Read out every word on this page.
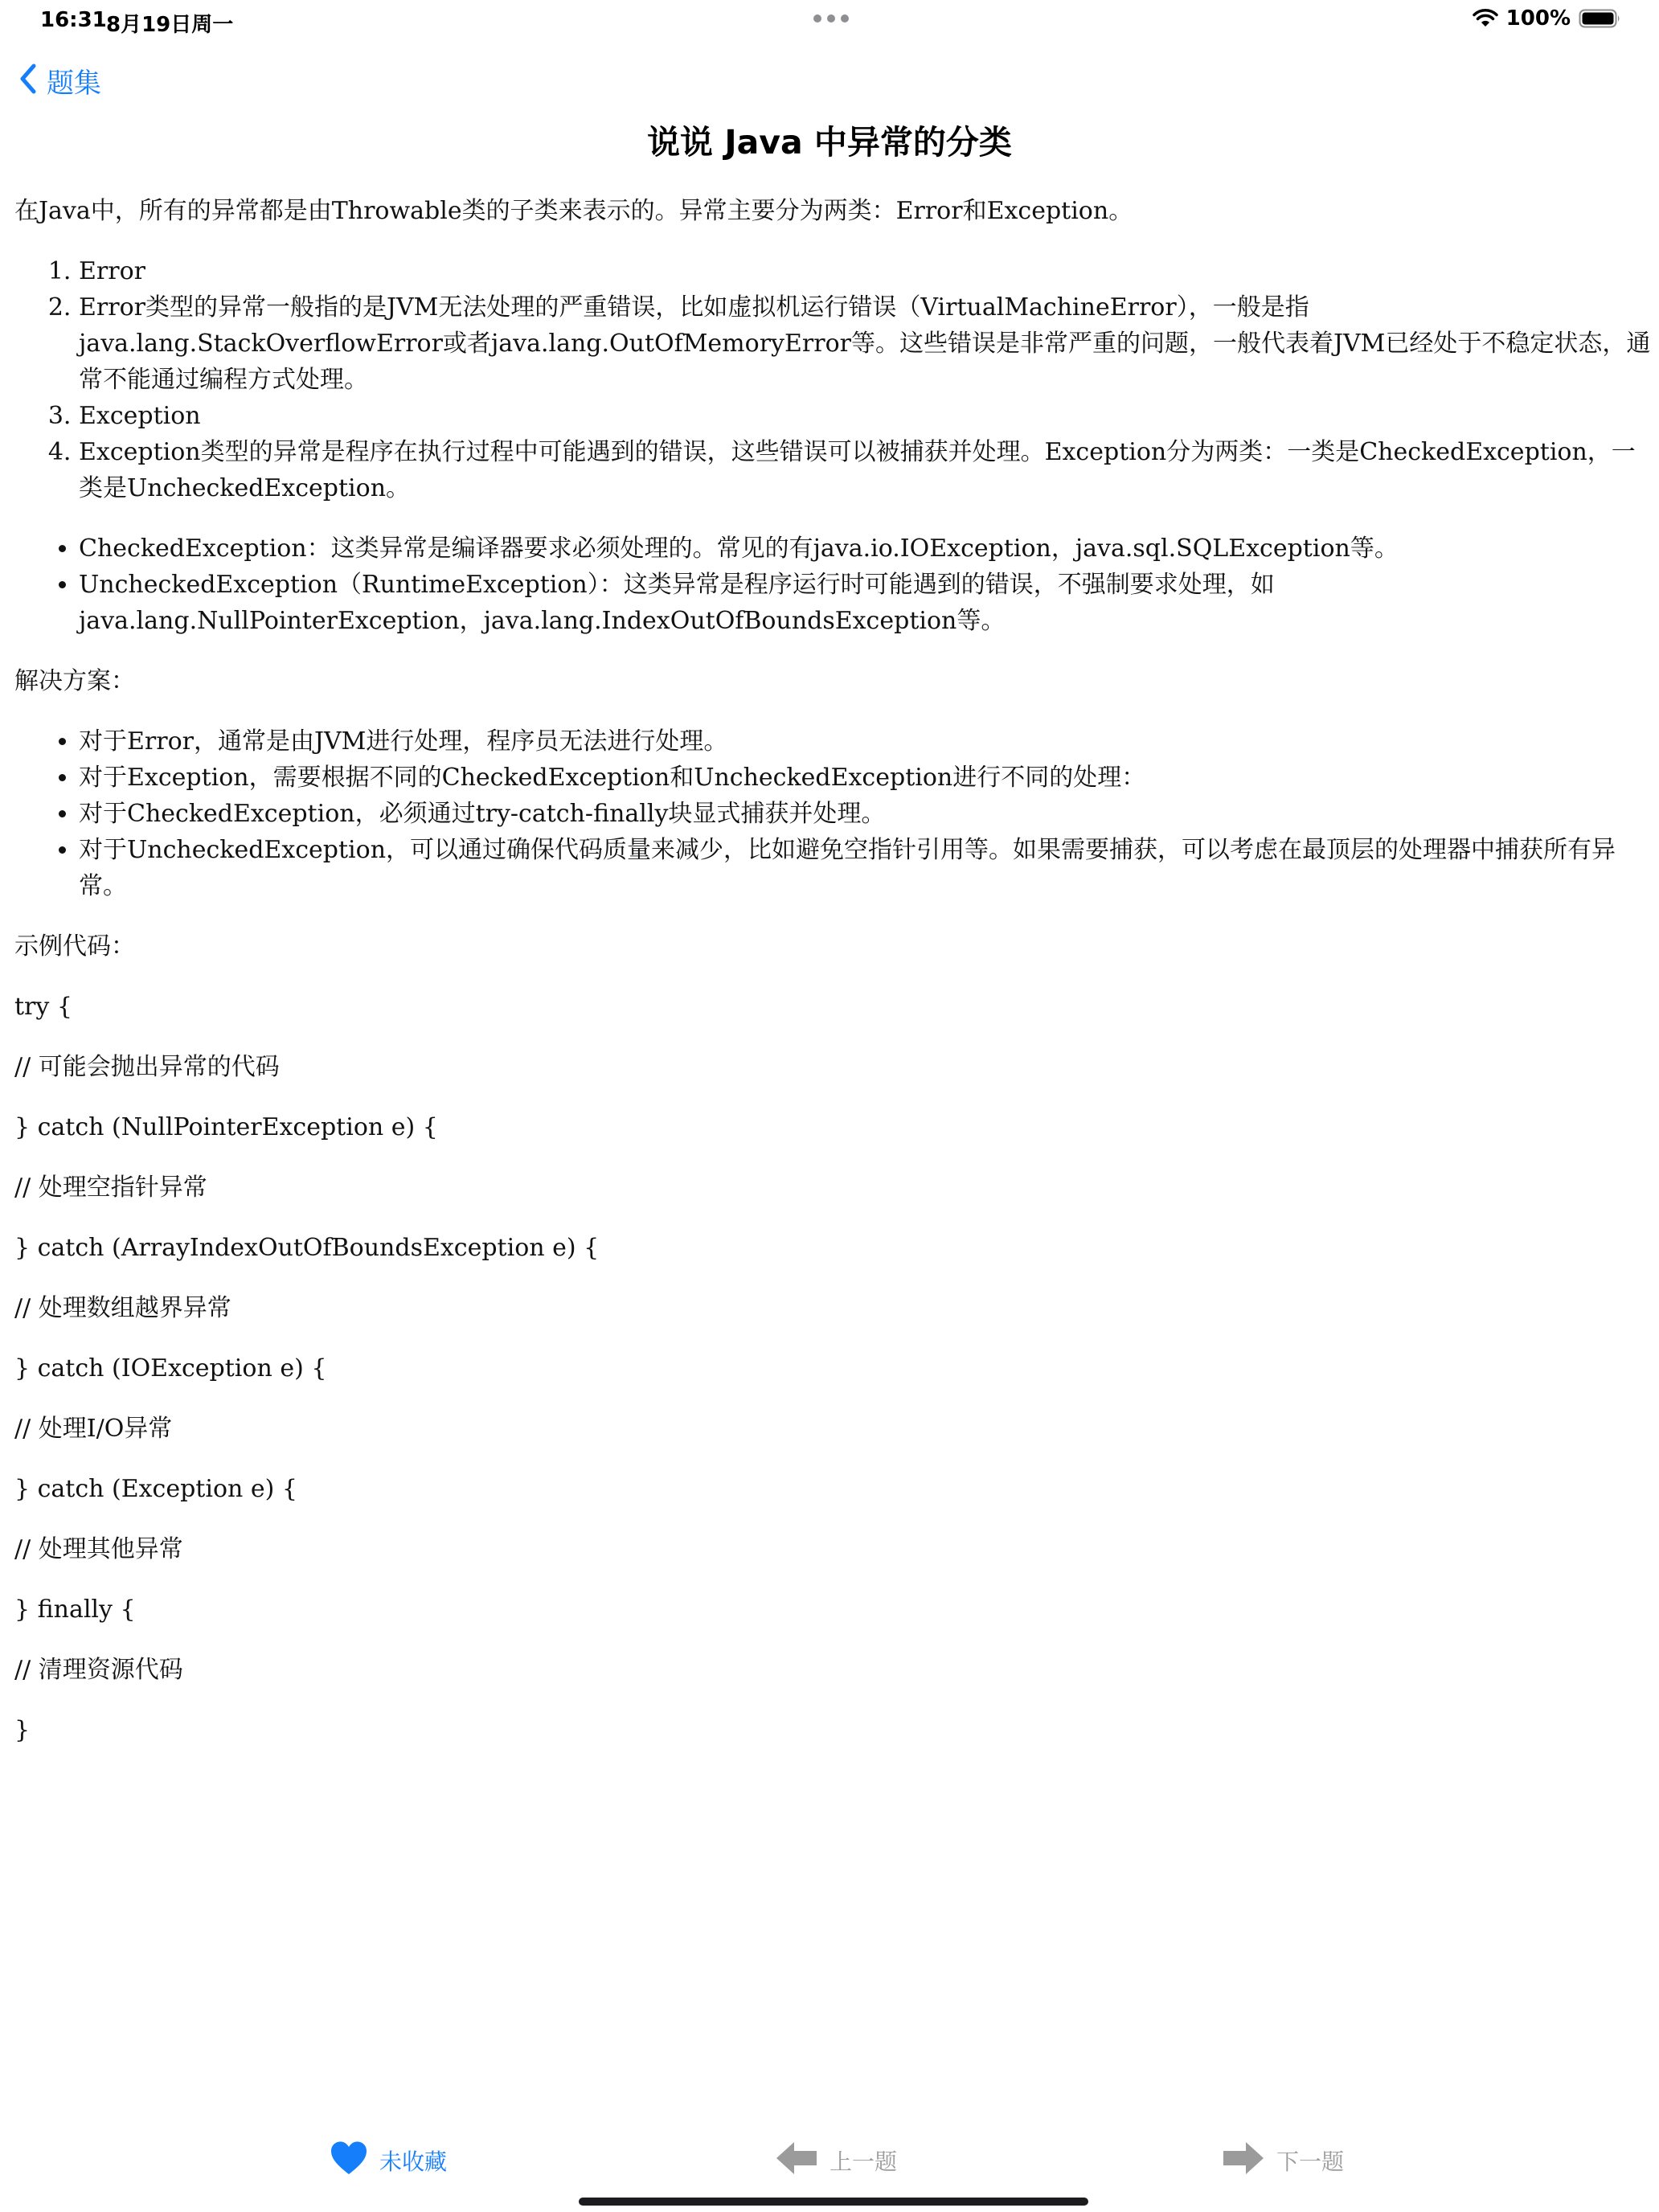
16:31 8月19日周一	100%
题集
说说 Java 中异常的分类

在Java中，所有的异常都是由Throwable类的子类来表示的。异常主要分为两类：Error和Exception。

1. Error
2. Error类型的异常一般指的是JVM无法处理的严重错误，比如虚拟机运行错误（VirtualMachineError），一般是指java.lang.StackOverflowError或者java.lang.OutOfMemoryError等。这些错误是非常严重的问题，一般代表着JVM已经处于不稳定状态，通常不能通过编程方式处理。
3. Exception
4. Exception类型的异常是程序在执行过程中可能遇到的错误，这些错误可以被捕获并处理。Exception分为两类：一类是CheckedException，一类是UncheckedException。
• CheckedException：这类异常是编译器要求必须处理的。常见的有java.io.IOException，java.sql.SQLException等。
• UncheckedException（RuntimeException）：这类异常是程序运行时可能遇到的错误，不强制要求处理，如java.lang.NullPointerException，java.lang.IndexOutOfBoundsException等。

解决方案：

• 对于Error，通常是由JVM进行处理，程序员无法进行处理。
• 对于Exception，需要根据不同的CheckedException和UncheckedException进行不同的处理：
• 对于CheckedException，必须通过try-catch-finally块显式捕获并处理。
• 对于UncheckedException，可以通过确保代码质量来减少，比如避免空指针引用等。如果需要捕获，可以考虑在最顶层的处理器中捕获所有异常。

示例代码：

try {

// 可能会抛出异常的代码

} catch (NullPointerException e) {

// 处理空指针异常

} catch (ArrayIndexOutOfBoundsException e) {

// 处理数组越界异常

} catch (IOException e) {

// 处理I/O异常

} catch (Exception e) {

// 处理其他异常

} finally {

// 清理资源代码

}

未收藏	上一题	下一题
